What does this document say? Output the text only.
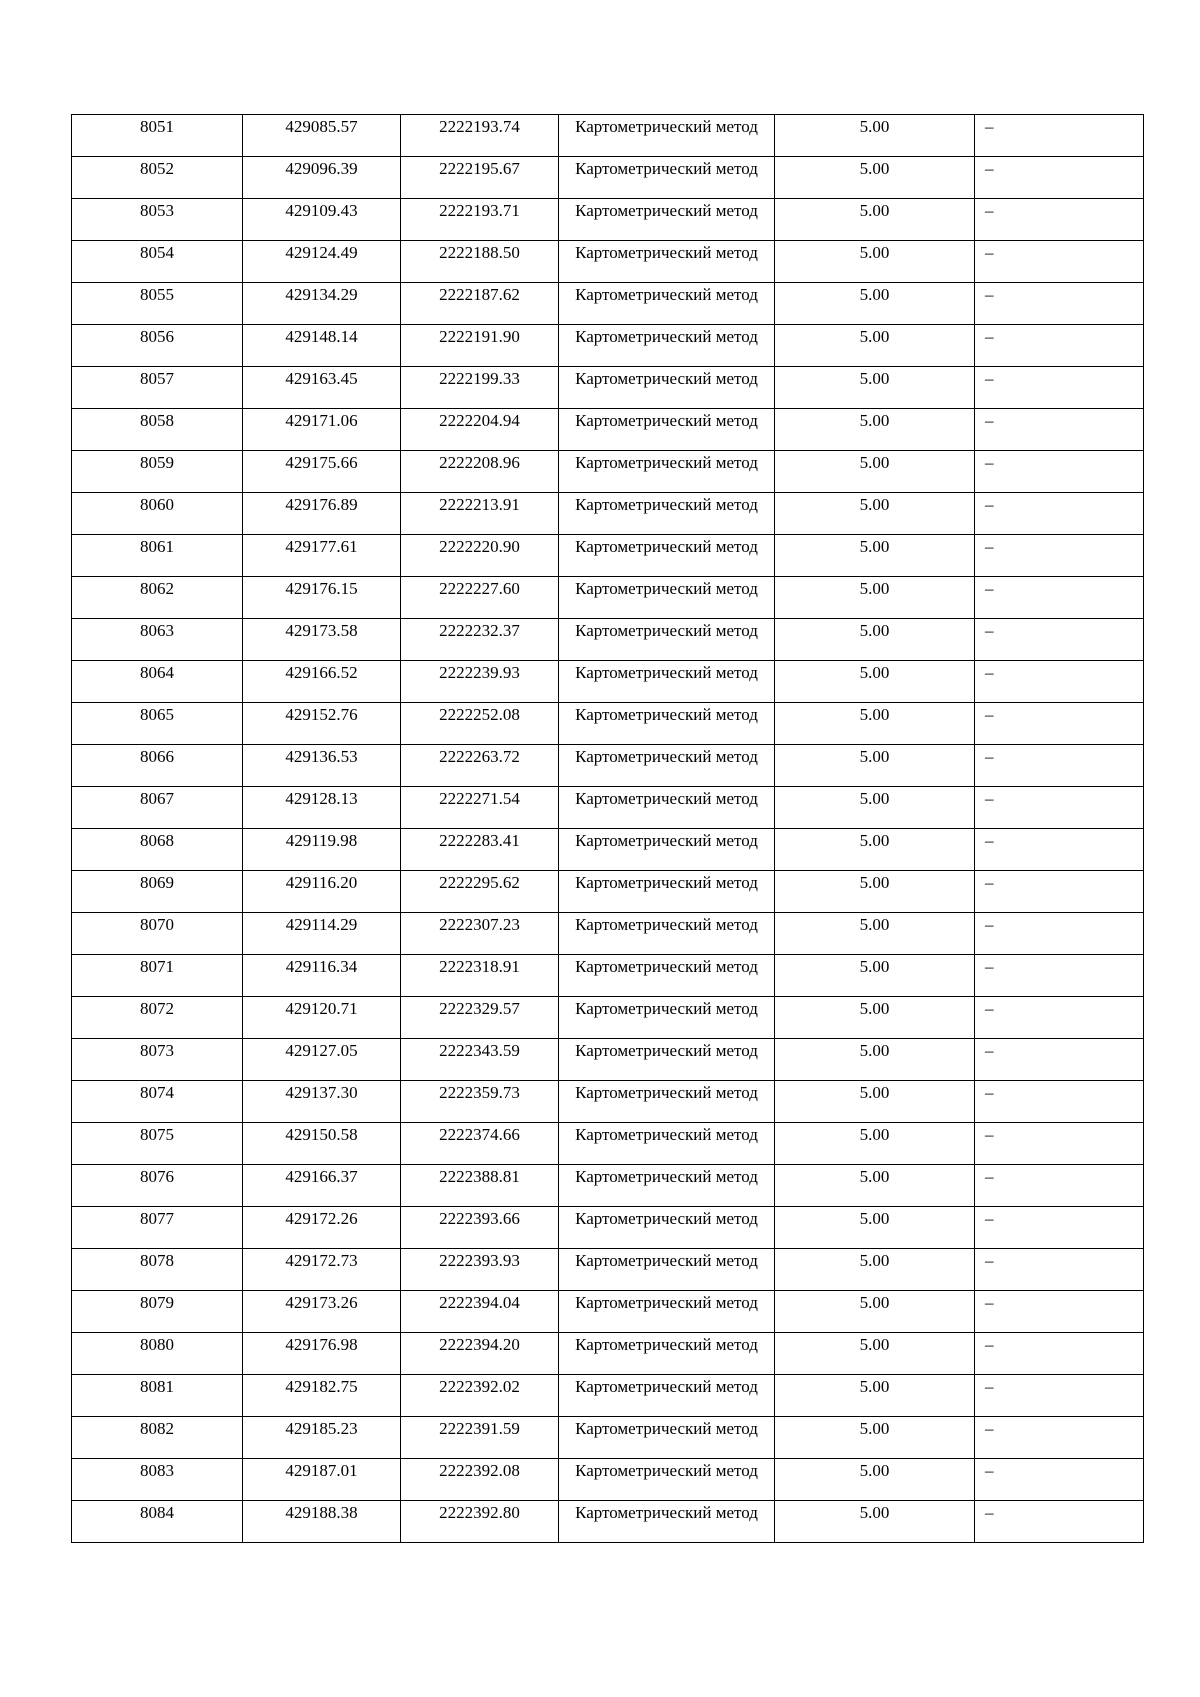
8051	429085.57	2222193.74	Картометрический метод	5.00	–
8052	429096.39	2222195.67	Картометрический метод	5.00	–
8053	429109.43	2222193.71	Картометрический метод	5.00	–
8054	429124.49	2222188.50	Картометрический метод	5.00	–
8055	429134.29	2222187.62	Картометрический метод	5.00	–
8056	429148.14	2222191.90	Картометрический метод	5.00	–
8057	429163.45	2222199.33	Картометрический метод	5.00	–
8058	429171.06	2222204.94	Картометрический метод	5.00	–
8059	429175.66	2222208.96	Картометрический метод	5.00	–
8060	429176.89	2222213.91	Картометрический метод	5.00	–
8061	429177.61	2222220.90	Картометрический метод	5.00	–
8062	429176.15	2222227.60	Картометрический метод	5.00	–
8063	429173.58	2222232.37	Картометрический метод	5.00	–
8064	429166.52	2222239.93	Картометрический метод	5.00	–
8065	429152.76	2222252.08	Картометрический метод	5.00	–
8066	429136.53	2222263.72	Картометрический метод	5.00	–
8067	429128.13	2222271.54	Картометрический метод	5.00	–
8068	429119.98	2222283.41	Картометрический метод	5.00	–
8069	429116.20	2222295.62	Картометрический метод	5.00	–
8070	429114.29	2222307.23	Картометрический метод	5.00	–
8071	429116.34	2222318.91	Картометрический метод	5.00	–
8072	429120.71	2222329.57	Картометрический метод	5.00	–
8073	429127.05	2222343.59	Картометрический метод	5.00	–
8074	429137.30	2222359.73	Картометрический метод	5.00	–
8075	429150.58	2222374.66	Картометрический метод	5.00	–
8076	429166.37	2222388.81	Картометрический метод	5.00	–
8077	429172.26	2222393.66	Картометрический метод	5.00	–
8078	429172.73	2222393.93	Картометрический метод	5.00	–
8079	429173.26	2222394.04	Картометрический метод	5.00	–
8080	429176.98	2222394.20	Картометрический метод	5.00	–
8081	429182.75	2222392.02	Картометрический метод	5.00	–
8082	429185.23	2222391.59	Картометрический метод	5.00	–
8083	429187.01	2222392.08	Картометрический метод	5.00	–
8084	429188.38	2222392.80	Картометрический метод	5.00	–
